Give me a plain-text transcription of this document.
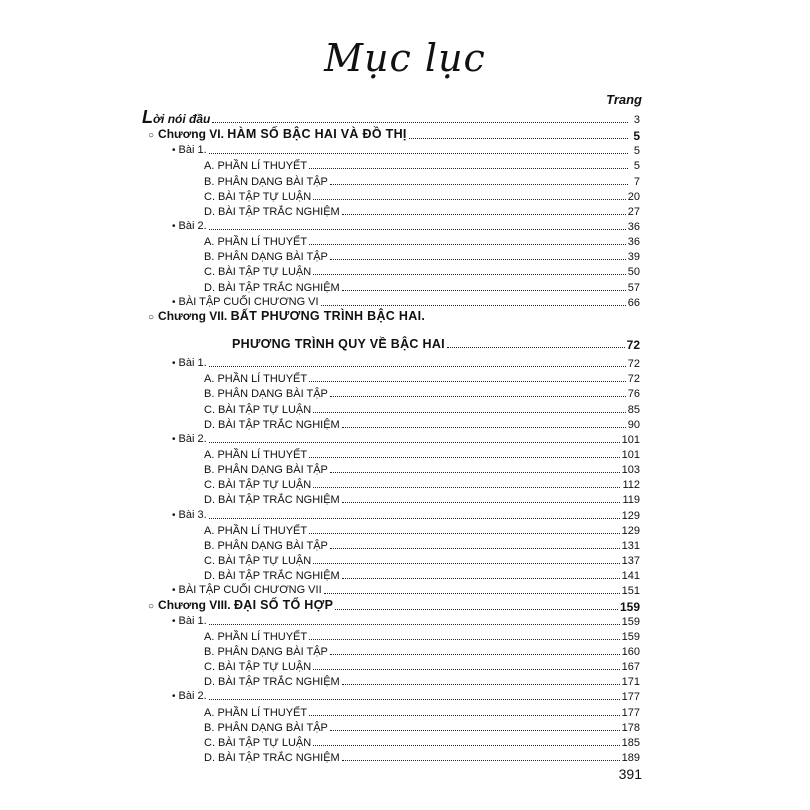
Mục lục
Trang
Lời nói đầu	3
○ Chương VI. HÀM SỐ BẬC HAI VÀ ĐỒ THỊ	5
• Bài 1.	5
A. PHẦN LÍ THUYẾT	5
B. PHÂN DẠNG BÀI TẬP	7
C. BÀI TẬP TỰ LUẬN	20
D. BÀI TẬP TRẮC NGHIỆM	27
• Bài 2.	36
A. PHẦN LÍ THUYẾT	36
B. PHÂN DẠNG BÀI TẬP	39
C. BÀI TẬP TỰ LUẬN	50
D. BÀI TẬP TRẮC NGHIỆM	57
• BÀI TẬP CUỐI CHƯƠNG VI	66
○ Chương VII. BẤT PHƯƠNG TRÌNH BẬC HAI.
PHƯƠNG TRÌNH QUY VỀ BẬC HAI	72
• Bài 1.	72
A. PHẦN LÍ THUYẾT	72
B. PHÂN DẠNG BÀI TẬP	76
C. BÀI TẬP TỰ LUẬN	85
D. BÀI TẬP TRẮC NGHIỆM	90
• Bài 2.	101
A. PHẦN LÍ THUYẾT	101
B. PHÂN DẠNG BÀI TẬP	103
C. BÀI TẬP TỰ LUẬN	112
D. BÀI TẬP TRẮC NGHIỆM	119
• Bài 3.	129
A. PHẦN LÍ THUYẾT	129
B. PHÂN DẠNG BÀI TẬP	131
C. BÀI TẬP TỰ LUẬN	137
D. BÀI TẬP TRẮC NGHIỆM	141
• BÀI TẬP CUỐI CHƯƠNG VII	151
○ Chương VIII. ĐẠI SỐ TỔ HỢP	159
• Bài 1.	159
A. PHẦN LÍ THUYẾT	159
B. PHÂN DẠNG BÀI TẬP	160
C. BÀI TẬP TỰ LUẬN	167
D. BÀI TẬP TRẮC NGHIỆM	171
• Bài 2.	177
A. PHẦN LÍ THUYẾT	177
B. PHÂN DẠNG BÀI TẬP	178
C. BÀI TẬP TỰ LUẬN	185
D. BÀI TẬP TRẮC NGHIỆM	189
391
